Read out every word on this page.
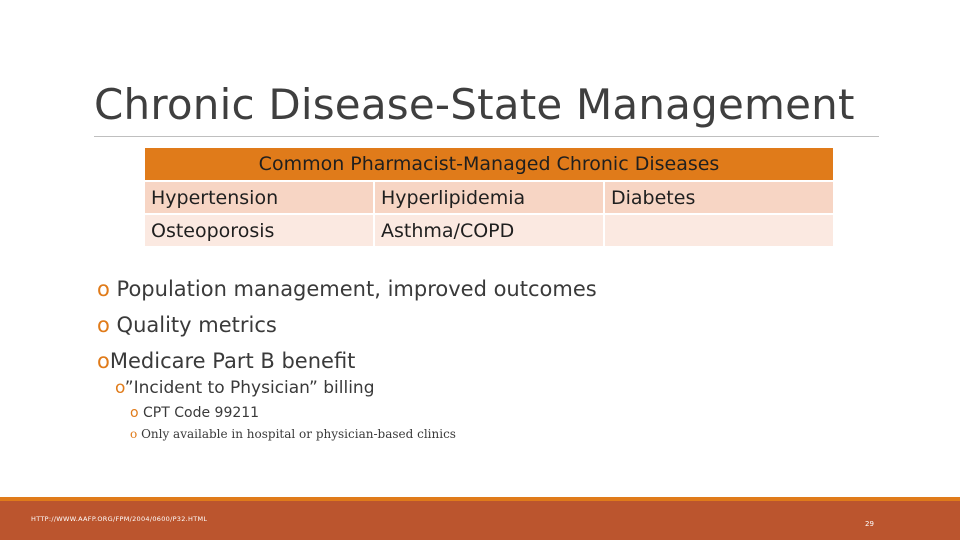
Chronic Disease-State Management
Common Pharmacist-Managed Chronic Diseases		
Hypertension	Hyperlipidemia	Diabetes
Osteoporosis	Asthma/COPD	
o Population management, improved outcomes
o Quality metrics
oMedicare Part B benefit
o”Incident to Physician” billing
o CPT Code 99211
o Only available in hospital or physician-based clinics
HTTP://WWW.AAFP.ORG/FPM/2004/0600/P32.HTML
29
